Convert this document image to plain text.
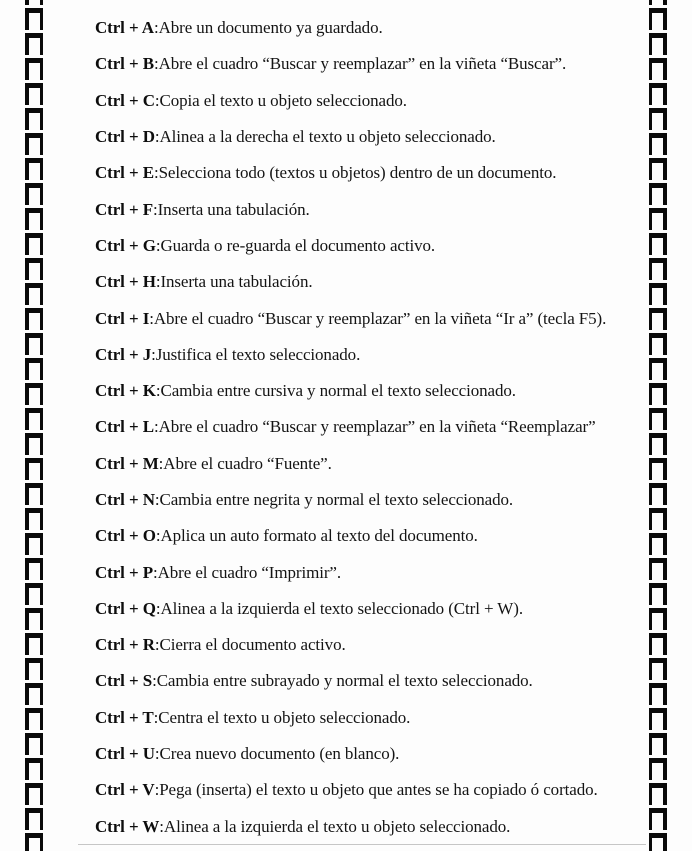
Ctrl + A : Abre un documento ya guardado.
Ctrl + B : Abre el cuadro “Buscar y reemplazar” en la viñeta “Buscar”.
Ctrl + C : Copia el texto u objeto seleccionado.
Ctrl + D : Alinea a la derecha el texto u objeto seleccionado.
Ctrl + E : Selecciona todo (textos u objetos) dentro de un documento.
Ctrl + F : Inserta una tabulación.
Ctrl + G : Guarda o re-guarda el documento activo.
Ctrl + H : Inserta una tabulación.
Ctrl + I : Abre el cuadro “Buscar y reemplazar” en la viñeta “Ir a” (tecla F5).
Ctrl + J : Justifica el texto seleccionado.
Ctrl + K : Cambia entre cursiva y normal el texto seleccionado.
Ctrl + L : Abre el cuadro “Buscar y reemplazar” en la viñeta “Reemplazar”
Ctrl + M : Abre el cuadro “Fuente”.
Ctrl + N : Cambia entre negrita y normal el texto seleccionado.
Ctrl + O : Aplica un auto formato al texto del documento.
Ctrl + P : Abre el cuadro “Imprimir”.
Ctrl + Q : Alinea a la izquierda el texto seleccionado (Ctrl + W).
Ctrl + R : Cierra el documento activo.
Ctrl + S : Cambia entre subrayado y normal el texto seleccionado.
Ctrl + T : Centra el texto u objeto seleccionado.
Ctrl + U : Crea nuevo documento (en blanco).
Ctrl + V : Pega (inserta) el texto u objeto que antes se ha copiado ó cortado.
Ctrl + W : Alinea a la izquierda el texto u objeto seleccionado.
